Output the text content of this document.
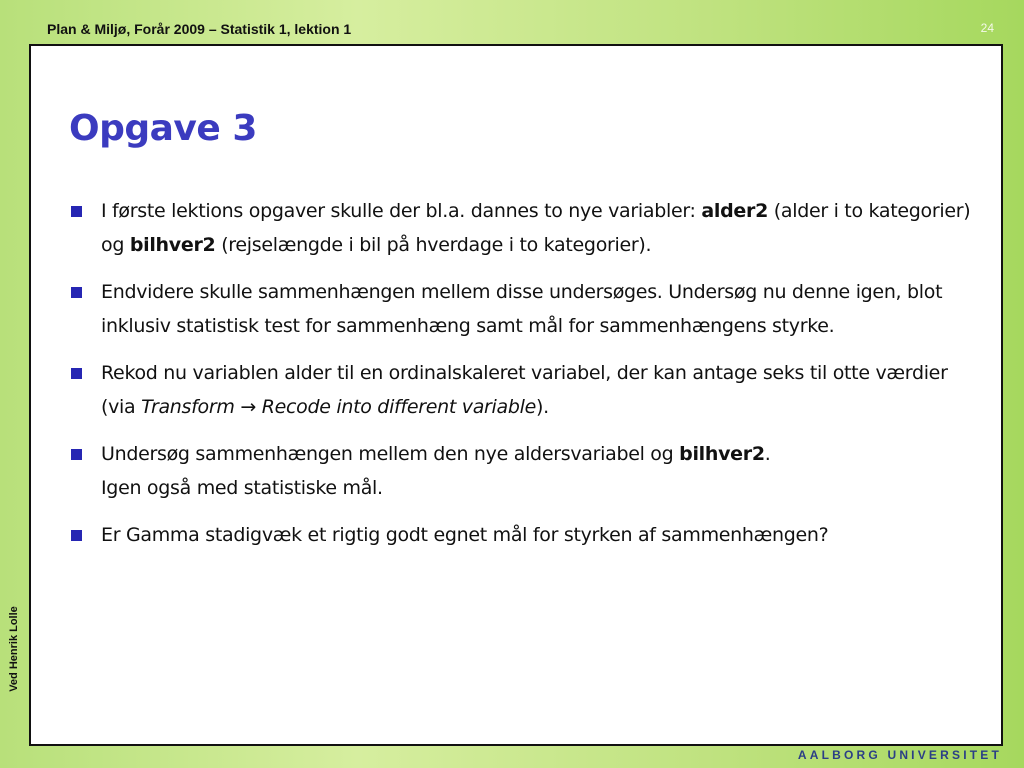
Plan & Miljø, Forår 2009 – Statistik 1, lektion 1	24
Ved Henrik Lolle
Opgave 3
I første lektions opgaver skulle der bl.a. dannes to nye variabler: alder2 (alder i to kategorier) og bilhver2 (rejselængde i bil på hverdage i to kategorier).
Endvidere skulle sammenhængen mellem disse undersøges. Undersøg nu denne igen, blot inklusiv statistisk test for sammenhæng samt mål for sammenhængens styrke.
Rekod nu variablen alder til en ordinalskaleret variabel, der kan antage seks til otte værdier (via Transform → Recode into different variable).
Undersøg sammenhængen mellem den nye aldersvariabel og bilhver2.
Igen også med statistiske mål.
Er Gamma stadigvæk et rigtig godt egnet mål for styrken af sammenhængen?
AALBORG UNIVERSITET
